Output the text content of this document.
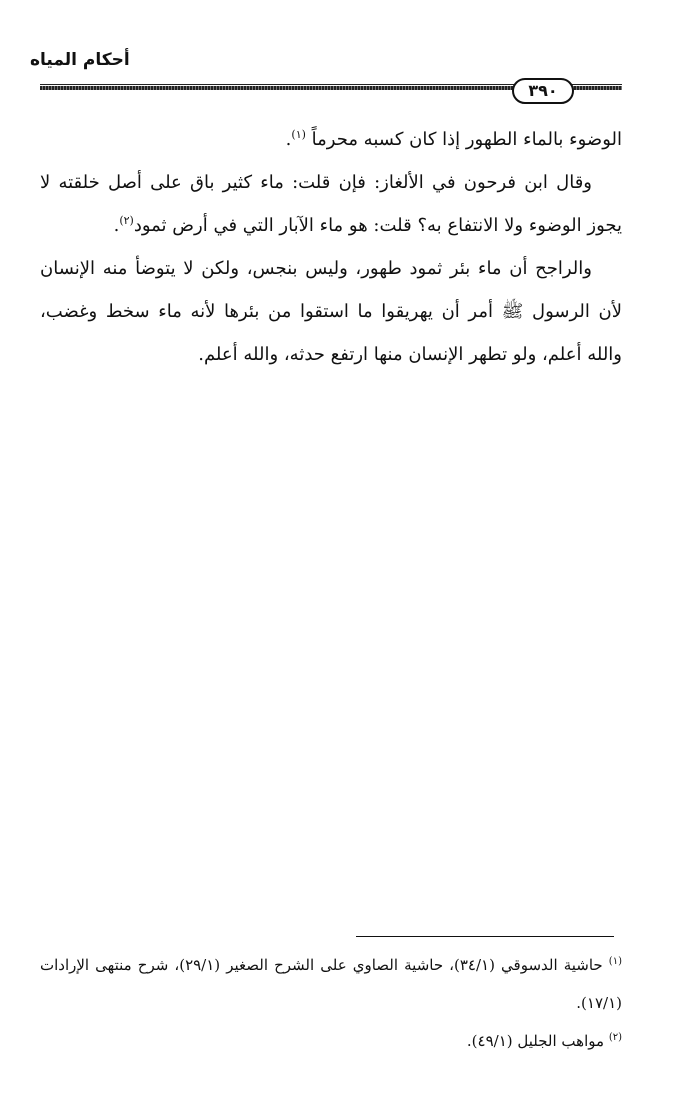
أحكام المياه
٣٩٠

الوضوء بالماء الطهور إذا كان كسبه محرماً $^{(١)}$.

وقال ابن فرحون في الألغاز: فإن قلت: ماء كثير باق على أصل خلقته لا يجوز الوضوء ولا الانتفاع به؟ قلت: هو ماء الآبار التي في أرض ثمود$^{(٢)}$.

والراجح أن ماء بئر ثمود طهور، وليس بنجس، ولكن لا يتوضأ منه الإنسان لأن الرسول ﷺ أمر أن يهريقوا ما استقوا من بئرها لأنه ماء سخط وغضب، والله أعلم، ولو تطهر الإنسان منها ارتفع حدثه، والله أعلم.

$^{(١)}$ حاشية الدسوقي (٣٤/١)، حاشية الصاوي على الشرح الصغير (٢٩/١)، شرح منتهى الإرادات (١٧/١).

$^{(٢)}$ مواهب الجليل (٤٩/١).
